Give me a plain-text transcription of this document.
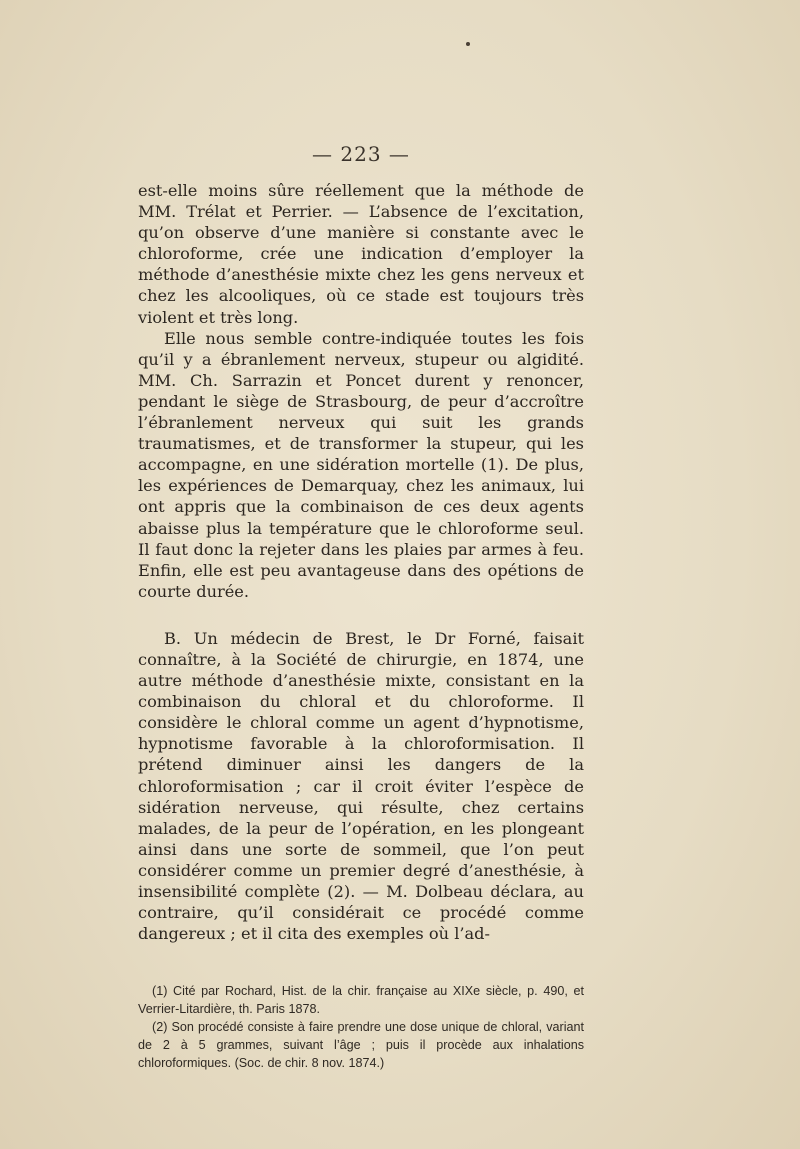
— 223 —

est-elle moins sûre réellement que la méthode de MM. Trélat et Perrier. — L’absence de l’excitation, qu’on observe d’une manière si constante avec le chloroforme, crée une indication d’employer la méthode d’anesthésie mixte chez les gens nerveux et chez les alcooliques, où ce stade est toujours très violent et très long.

Elle nous semble contre-indiquée toutes les fois qu’il y a ébranlement nerveux, stupeur ou algidité. MM. Ch. Sarrazin et Poncet durent y renoncer, pendant le siège de Strasbourg, de peur d’accroître l’ébranlement nerveux qui suit les grands traumatismes, et de transformer la stupeur, qui les accompagne, en une sidération mortelle (1). De plus, les expériences de Demarquay, chez les animaux, lui ont appris que la combinaison de ces deux agents abaisse plus la température que le chloroforme seul. Il faut donc la rejeter dans les plaies par armes à feu. Enfin, elle est peu avantageuse dans des opétions de courte durée.

B. Un médecin de Brest, le Dr Forné, faisait connaître, à la Société de chirurgie, en 1874, une autre méthode d’anesthésie mixte, consistant en la combinaison du chloral et du chloroforme. Il considère le chloral comme un agent d’hypnotisme, hypnotisme favorable à la chloroformisation. Il prétend diminuer ainsi les dangers de la chloroformisation ; car il croit éviter l’espèce de sidération nerveuse, qui résulte, chez certains malades, de la peur de l’opération, en les plongeant ainsi dans une sorte de sommeil, que l’on peut considérer comme un premier degré d’anesthésie, à insensibilité complète (2). — M. Dolbeau déclara, au contraire, qu’il considérait ce procédé comme dangereux ; et il cita des exemples où l’ad-

(1) Cité par Rochard, Hist. de la chir. française au XIXe siècle, p. 490, et Verrier-Litardière, th. Paris 1878.

(2) Son procédé consiste à faire prendre une dose unique de chloral, variant de 2 à 5 grammes, suivant l’âge ; puis il procède aux inhalations chloroformiques. (Soc. de chir. 8 nov. 1874.)
